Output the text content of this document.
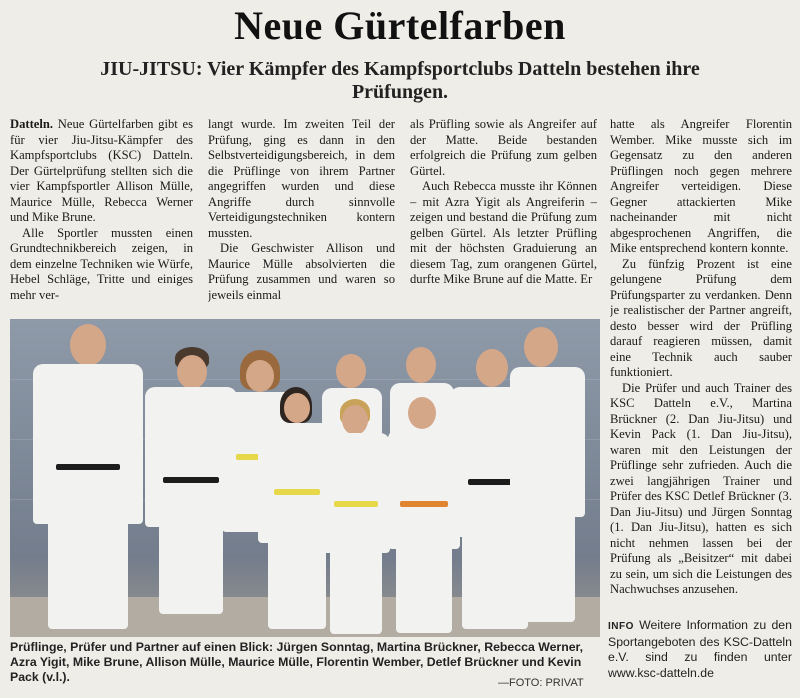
Neue Gürtelfarben
JIU-JITSU: Vier Kämpfer des Kampfsportclubs Datteln bestehen ihre Prüfungen.

Datteln. Neue Gürtelfarben gibt es für vier Jiu-Jitsu-Kämpfer des Kampfsportclubs (KSC) Datteln. Der Gürtelprüfung stellten sich die vier Kampfsportler Allison Mülle, Maurice Mülle, Rebecca Werner und Mike Brune.

Alle Sportler mussten einen Grundtechnikbereich zeigen, in dem einzelne Techniken wie Würfe, Hebel Schläge, Tritte und einiges mehr ver-

langt wurde. Im zweiten Teil der Prüfung, ging es dann in den Selbstverteidigungsbereich, in dem die Prüflinge von ihrem Partner angegriffen wurden und diese Angriffe durch sinnvolle Verteidigungstechniken kontern mussten.

Die Geschwister Allison und Maurice Mülle absolvierten die Prüfung zusammen und waren so jeweils einmal

als Prüfling sowie als Angreifer auf der Matte. Beide bestanden erfolgreich die Prüfung zum gelben Gürtel.

Auch Rebecca musste ihr Können – mit Azra Yigit als Angreiferin – zeigen und bestand die Prüfung zum gelben Gürtel. Als letzter Prüfling mit der höchsten Graduierung an diesem Tag, zum orangenen Gürtel, durfte Mike Brune auf die Matte. Er

hatte als Angreifer Florentin Wember. Mike musste sich im Gegensatz zu den anderen Prüflingen noch gegen mehrere Angreifer verteidigen. Diese Gegner attackierten Mike nacheinander mit nicht abgesprochenen Angriffen, die Mike entsprechend kontern konnte.

Zu fünfzig Prozent ist eine gelungene Prüfung dem Prüfungsparter zu verdanken. Denn je realistischer der Partner angreift, desto besser wird der Prüfling darauf reagieren müssen, damit eine Technik auch sauber funktioniert.

Die Prüfer und auch Trainer des KSC Datteln e.V., Martina Brückner (2. Dan Jiu-Jitsu) und Kevin Pack (1. Dan Jiu-Jitsu), waren mit den Leistungen der Prüflinge sehr zufrieden. Auch die zwei langjährigen Trainer und Prüfer des KSC Detlef Brückner (3. Dan Jiu-Jitsu) und Jürgen Sonntag (1. Dan Jiu-Jitsu), hatten es sich nicht nehmen lassen bei der Prüfung als „Beisitzer“ mit dabei zu sein, um sich die Leistungen des Nachwuchses anzusehen.

Prüflinge, Prüfer und Partner auf einen Blick: Jürgen Sonntag, Martina Brückner, Rebecca Werner, Azra Yigit, Mike Brune, Allison Mülle, Maurice Mülle, Florentin Wember, Detlef Brückner und Kevin Pack (v.l.).	—FOTO: PRIVAT
INFO Weitere Information zu den Sportangeboten des KSC-Datteln e.V. sind zu finden unter www.ksc-datteln.de
